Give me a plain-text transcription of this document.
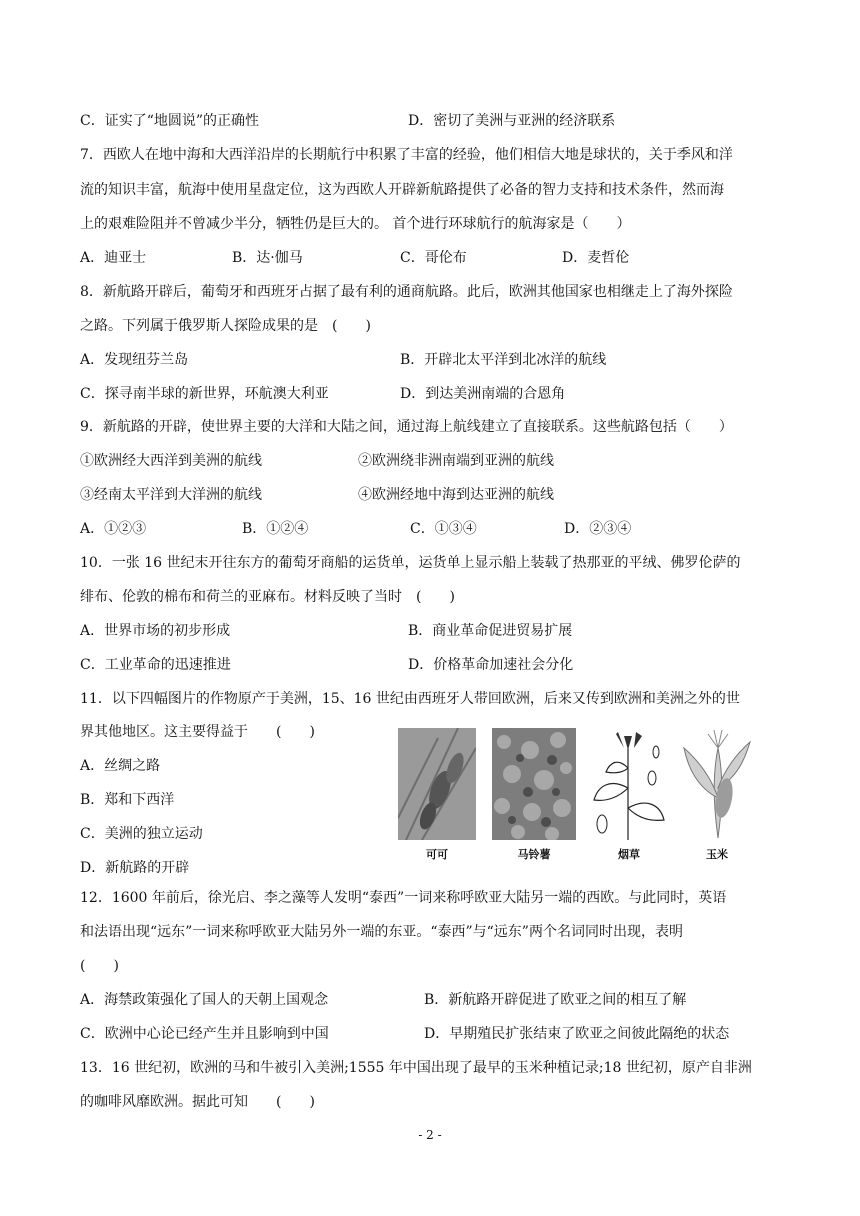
C．证实了“地圆说”的正确性	D．密切了美洲与亚洲的经济联系
7．西欧人在地中海和大西洋沿岸的长期航行中积累了丰富的经验，他们相信大地是球状的，关于季风和洋
流的知识丰富，航海中使用星盘定位，这为西欧人开辟新航路提供了必备的智力支持和技术条件，然而海
上的艰难险阻并不曾减少半分，牺牲仍是巨大的。 首个进行环球航行的航海家是（　　）
A．迪亚士	B．达·伽马	C．哥伦布	D．麦哲伦
8．新航路开辟后，葡萄牙和西班牙占据了最有利的通商航路。此后，欧洲其他国家也相继走上了海外探险
之路。下列属于俄罗斯人探险成果的是　(　　)
A．发现纽芬兰岛	B．开辟北太平洋到北冰洋的航线
C．探寻南半球的新世界，环航澳大利亚	D．到达美洲南端的合恩角
9．新航路的开辟，使世界主要的大洋和大陆之间，通过海上航线建立了直接联系。这些航路包括（　　）
①欧洲经大西洋到美洲的航线	②欧洲绕非洲南端到亚洲的航线
③经南太平洋到大洋洲的航线	④欧洲经地中海到达亚洲的航线
A．①②③	B．①②④	C．①③④	D．②③④
10．一张 16 世纪末开往东方的葡萄牙商船的运货单，运货单上显示船上装载了热那亚的平绒、佛罗伦萨的
绯布、伦敦的棉布和荷兰的亚麻布。材料反映了当时　(　　)
A．世界市场的初步形成	B．商业革命促进贸易扩展
C．工业革命的迅速推进	D．价格革命加速社会分化
11．以下四幅图片的作物原产于美洲，15、16 世纪由西班牙人带回欧洲，后来又传到欧洲和美洲之外的世
界其他地区。这主要得益于　　(　　)
A．丝绸之路
B．郑和下西洋
C．美洲的独立运动
D．新航路的开辟
可可	马铃薯	烟草	玉米
12．1600 年前后，徐光启、李之藻等人发明“泰西”一词来称呼欧亚大陆另一端的西欧。与此同时，英语
和法语出现“远东”一词来称呼欧亚大陆另外一端的东亚。“泰西”与“远东”两个名词同时出现，表明
(　　)
A．海禁政策强化了国人的天朝上国观念	B．新航路开辟促进了欧亚之间的相互了解
C．欧洲中心论已经产生并且影响到中国	D．早期殖民扩张结束了欧亚之间彼此隔绝的状态
13．16 世纪初，欧洲的马和牛被引入美洲;1555 年中国出现了最早的玉米种植记录;18 世纪初，原产自非洲
的咖啡风靡欧洲。据此可知　　(　　)
- 2 -
